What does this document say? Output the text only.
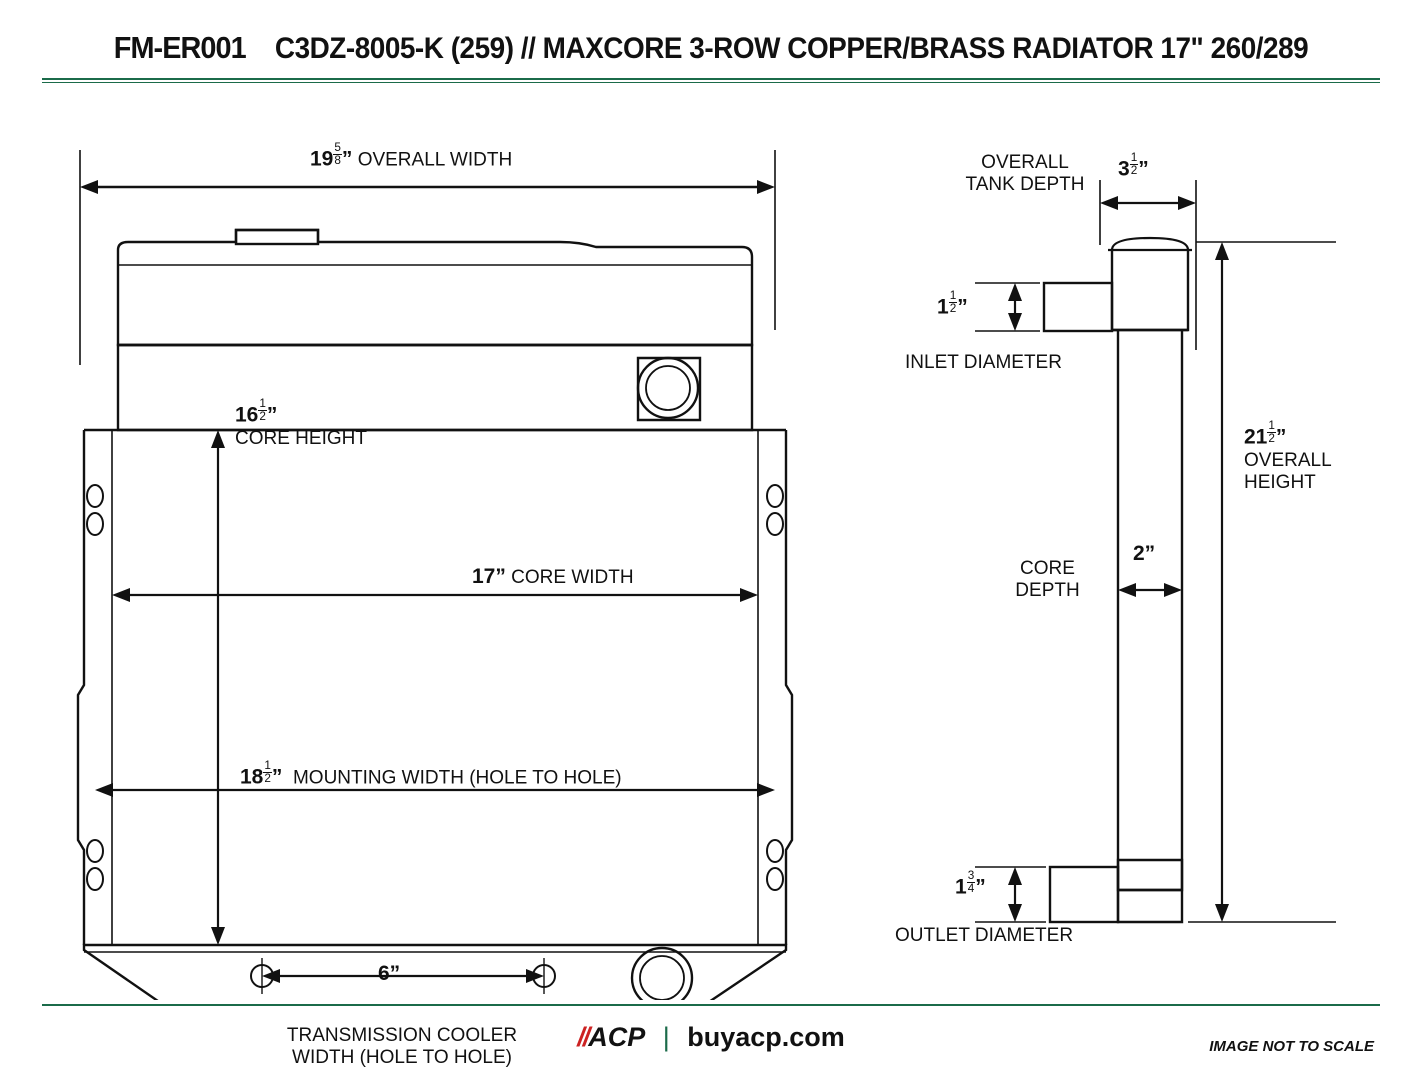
FM-ER001 C3DZ-8005-K (259) // MAXCORE 3-ROW COPPER/BRASS RADIATOR 17" 260/289
$19 \frac{5}{8}$ ” OVERALL WIDTH
$16 \frac{1}{2}$ ”
CORE HEIGHT
17” CORE WIDTH
$18 \frac{1}{2}$ ” MOUNTING WIDTH (HOLE TO HOLE)
6”
TRANSMISSION COOLER
WIDTH (HOLE TO HOLE)
OVERALL
TANK DEPTH
$3 \frac{1}{2}$ ”
$1 \frac{1}{2}$ ”
INLET DIAMETER
$21 \frac{1}{2}$ ”
OVERALL
HEIGHT
CORE
DEPTH
2”
$1 \frac{3}{4}$ ”
OUTLET DIAMETER
//ACP | buyacp.com	IMAGE NOT TO SCALE
